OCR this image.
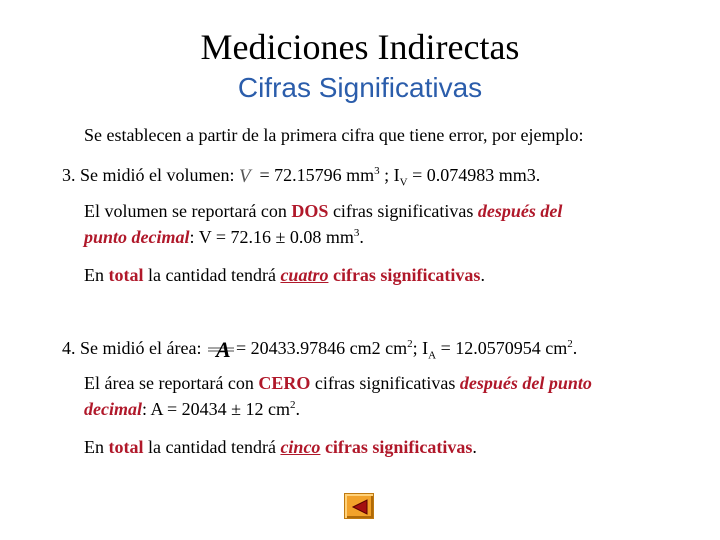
Mediciones Indirectas
Cifras Significativas
Se establecen a partir de la primera cifra que tiene error, por ejemplo:
3. Se midió el volumen: V = 72.15796 $mm^3$ ; $I_V = 0.074983$ mm3.
El volumen se reportará con DOS cifras significativas después del
punto decimal: V = 72.16 ± 0.08 $mm^3$.
En total la cantidad tendrá cuatro cifras significativas.
4. Se midió el área:
A = 20433.97846 cm2 $cm^2$; $I_A = 12.0570954$ $cm^2$.
El área se reportará con CERO cifras significativas después del punto
decimal: A = 20434 ± 12 $cm^2$.
En total la cantidad tendrá cinco cifras significativas.
